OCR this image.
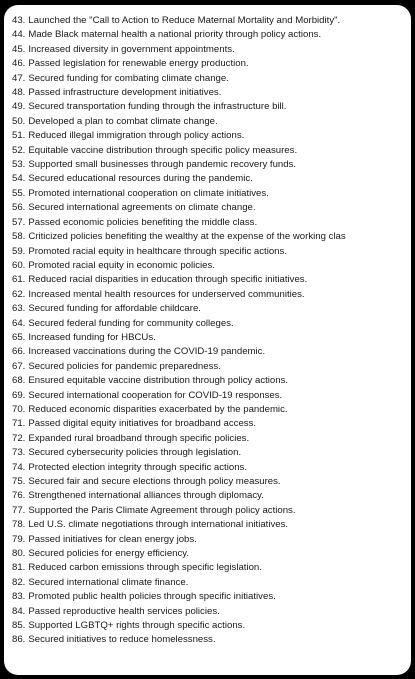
43. Launched the "Call to Action to Reduce Maternal Mortality and Morbidity".
44. Made Black maternal health a national priority through policy actions.
45. Increased diversity in government appointments.
46. Passed legislation for renewable energy production.
47. Secured funding for combating climate change.
48. Passed infrastructure development initiatives.
49. Secured transportation funding through the infrastructure bill.
50. Developed a plan to combat climate change.
51. Reduced illegal immigration through policy actions.
52. Equitable vaccine distribution through specific policy measures.
53. Supported small businesses through pandemic recovery funds.
54. Secured educational resources during the pandemic.
55. Promoted international cooperation on climate initiatives.
56. Secured international agreements on climate change.
57. Passed economic policies benefiting the middle class.
58. Criticized policies benefiting the wealthy at the expense of the working clas
59. Promoted racial equity in healthcare through specific actions.
60. Promoted racial equity in economic policies.
61. Reduced racial disparities in education through specific initiatives.
62. Increased mental health resources for underserved communities.
63. Secured funding for affordable childcare.
64. Secured federal funding for community colleges.
65. Increased funding for HBCUs.
66. Increased vaccinations during the COVID-19 pandemic.
67. Secured policies for pandemic preparedness.
68. Ensured equitable vaccine distribution through policy actions.
69. Secured international cooperation for COVID-19 responses.
70. Reduced economic disparities exacerbated by the pandemic.
71. Passed digital equity initiatives for broadband access.
72. Expanded rural broadband through specific policies.
73. Secured cybersecurity policies through legislation.
74. Protected election integrity through specific actions.
75. Secured fair and secure elections through policy measures.
76. Strengthened international alliances through diplomacy.
77. Supported the Paris Climate Agreement through policy actions.
78. Led U.S. climate negotiations through international initiatives.
79. Passed initiatives for clean energy jobs.
80. Secured policies for energy efficiency.
81. Reduced carbon emissions through specific legislation.
82. Secured international climate finance.
83. Promoted public health policies through specific initiatives.
84. Passed reproductive health services policies.
85. Supported LGBTQ+ rights through specific actions.
86. Secured initiatives to reduce homelessness.
